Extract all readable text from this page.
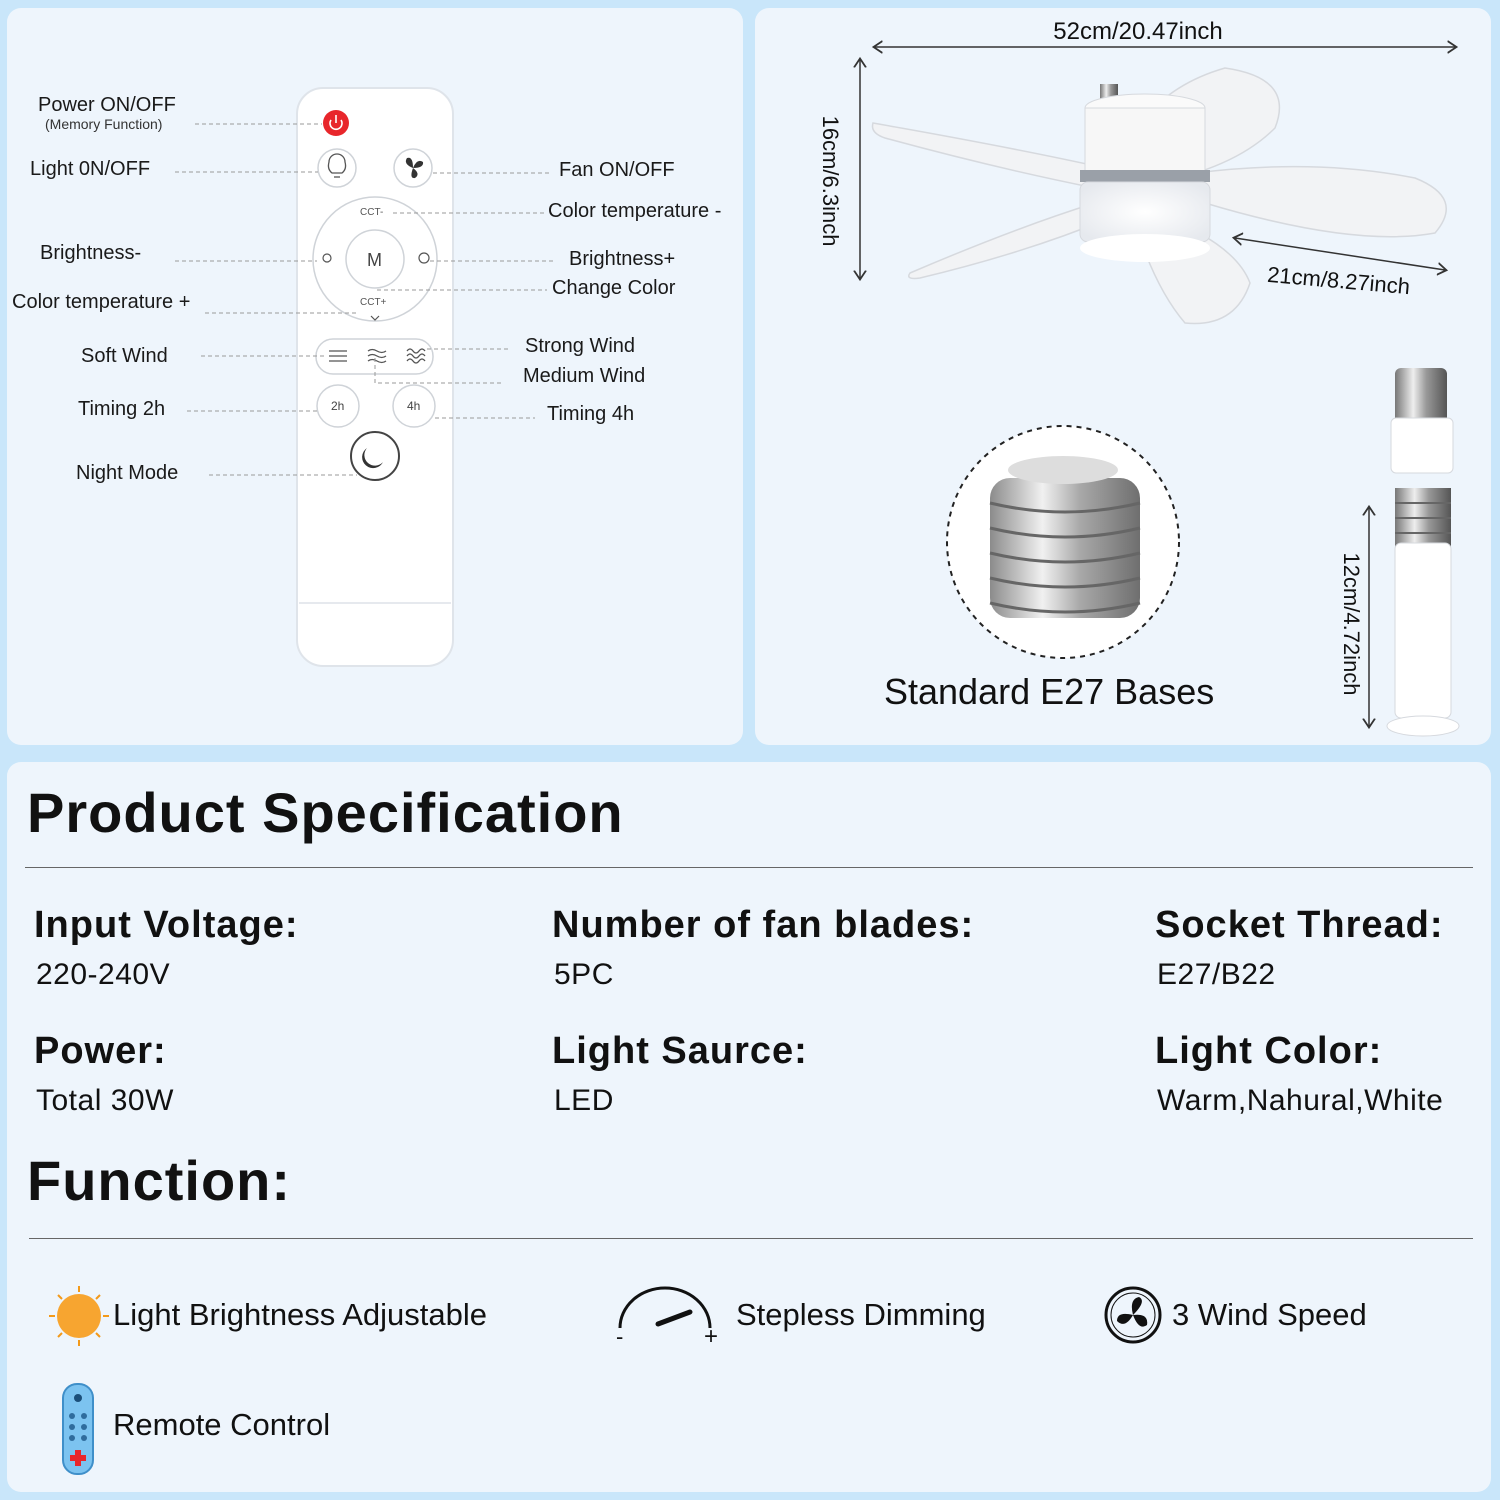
CCT-
CCT+
M
2h	4h
Power ON/OFF
(Memory Function)
Light 0N/OFF
Brightness-
Color temperature +
Soft Wind
Timing 2h
Night Mode
Fan ON/OFF
Color temperature -
Brightness+
Change Color
Strong Wind
Medium Wind
Timing 4h
52cm/20.47inch
16cm/6.3inch
21cm/8.27inch
12cm/4.72inch
Standard E27 Bases
Product Specification
Input Voltage:
220-240V
Number of fan blades:
5PC
Socket Thread:
E27/B22
Power:
Total 30W
Light Saurce:
LED
Light Color:
Warm,Nahural,White
Function:
Light Brightness Adjustable
-	+
Stepless Dimming	3 Wind Speed
Remote Control
